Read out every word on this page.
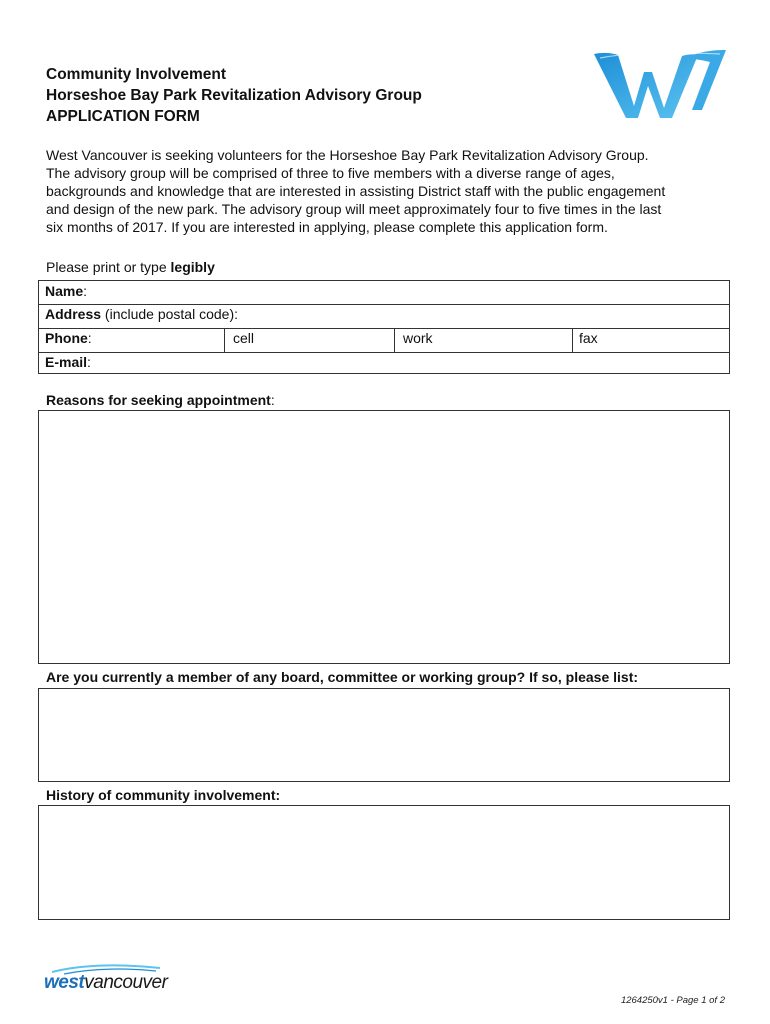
Community Involvement
Horseshoe Bay Park Revitalization Advisory Group
APPLICATION FORM

West Vancouver is seeking volunteers for the Horseshoe Bay Park Revitalization Advisory Group.

The advisory group will be comprised of three to five members with a diverse range of ages,

backgrounds and knowledge that are interested in assisting District staff with the public engagement

and design of the new park. The advisory group will meet approximately four to five times in the last

six months of 2017. If you are interested in applying, please complete this application form.

Please print or type legibly
Name:
Address (include postal code):
Phone:	cell	work	fax
E-mail:
Reasons for seeking appointment:
Are you currently a member of any board, committee or working group? If so, please list:
History of community involvement:
westvancouver
1264250v1 - Page 1 of 2
